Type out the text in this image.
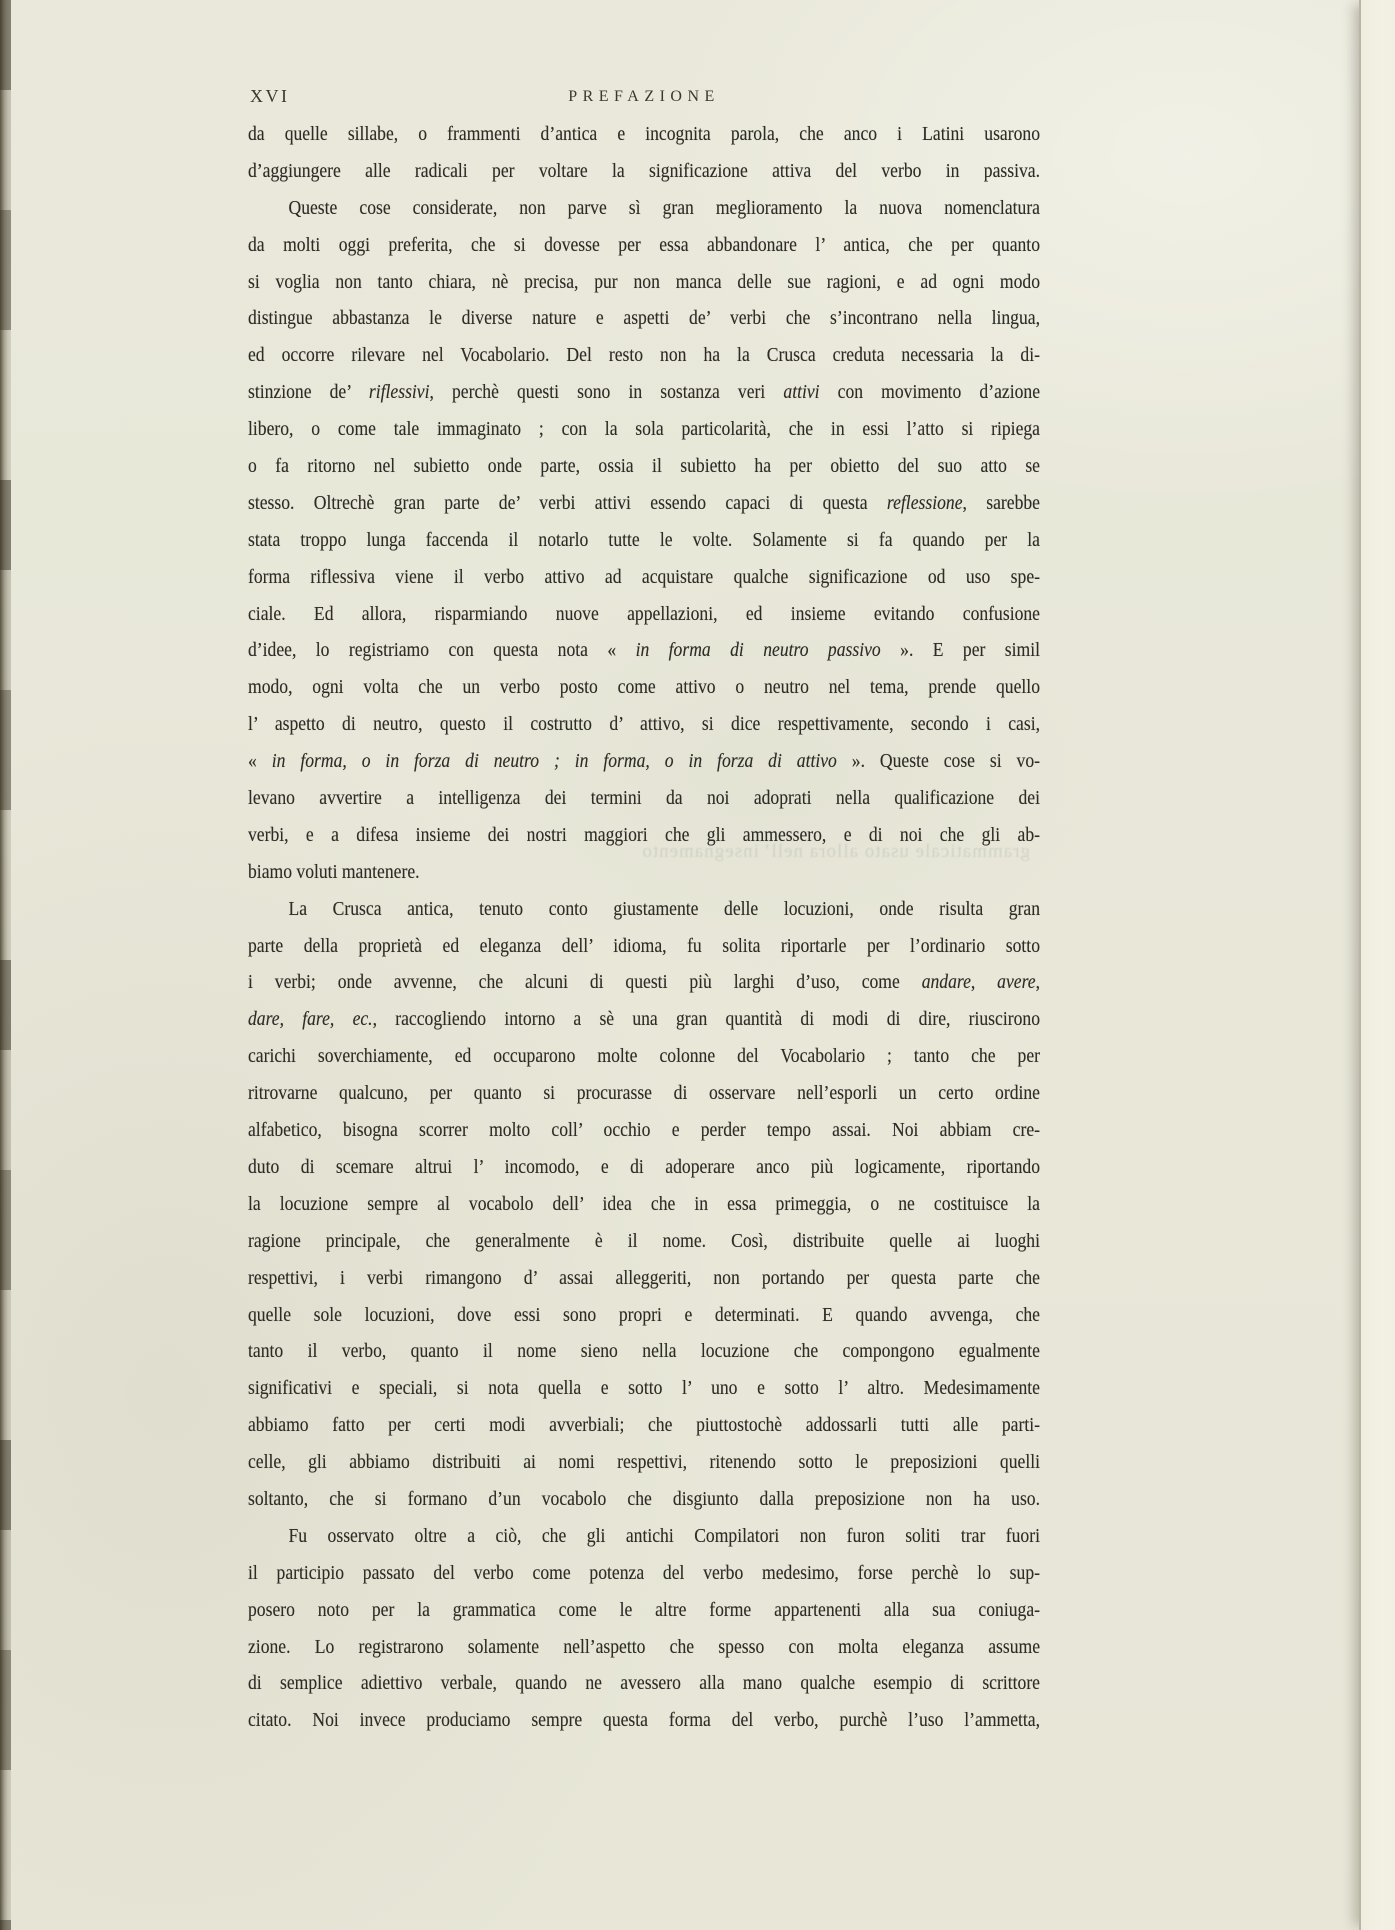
XVI	PREFAZIONE
grammaticale usato allora nell’ insegnamento
da quelle sillabe, o frammenti d’antica e incognita parola, che anco i Latini usarono
d’aggiungere alle radicali per voltare la significazione attiva del verbo in passiva.
Queste cose considerate, non parve sì gran meglioramento la nuova nomenclatura
da molti oggi preferita, che si dovesse per essa abbandonare l’ antica, che per quanto
si voglia non tanto chiara, nè precisa, pur non manca delle sue ragioni, e ad ogni modo
distingue abbastanza le diverse nature e aspetti de’ verbi che s’incontrano nella lingua,
ed occorre rilevare nel Vocabolario. Del resto non ha la Crusca creduta necessaria la di-
stinzione de’ riflessivi, perchè questi sono in sostanza veri attivi con movimento d’azione
libero, o come tale immaginato ; con la sola particolarità, che in essi l’atto si ripiega
o fa ritorno nel subietto onde parte, ossia il subietto ha per obietto del suo atto se
stesso. Oltrechè gran parte de’ verbi attivi essendo capaci di questa reflessione, sarebbe
stata troppo lunga faccenda il notarlo tutte le volte. Solamente si fa quando per la
forma riflessiva viene il verbo attivo ad acquistare qualche significazione od uso spe-
ciale. Ed allora, risparmiando nuove appellazioni, ed insieme evitando confusione
d’idee, lo registriamo con questa nota « in forma di neutro passivo ». E per simil
modo, ogni volta che un verbo posto come attivo o neutro nel tema, prende quello
l’ aspetto di neutro, questo il costrutto d’ attivo, si dice respettivamente, secondo i casi,
« in forma, o in forza di neutro ; in forma, o in forza di attivo ». Queste cose si vo-
levano avvertire a intelligenza dei termini da noi adoprati nella qualificazione dei
verbi, e a difesa insieme dei nostri maggiori che gli ammessero, e di noi che gli ab-
biamo voluti mantenere.
La Crusca antica, tenuto conto giustamente delle locuzioni, onde risulta gran
parte della proprietà ed eleganza dell’ idioma, fu solita riportarle per l’ordinario sotto
i verbi; onde avvenne, che alcuni di questi più larghi d’uso, come andare, avere,
dare, fare, ec., raccogliendo intorno a sè una gran quantità di modi di dire, riuscirono
carichi soverchiamente, ed occuparono molte colonne del Vocabolario ; tanto che per
ritrovarne qualcuno, per quanto si procurasse di osservare nell’esporli un certo ordine
alfabetico, bisogna scorrer molto coll’ occhio e perder tempo assai. Noi abbiam cre-
duto di scemare altrui l’ incomodo, e di adoperare anco più logicamente, riportando
la locuzione sempre al vocabolo dell’ idea che in essa primeggia, o ne costituisce la
ragione principale, che generalmente è il nome. Così, distribuite quelle ai luoghi
respettivi, i verbi rimangono d’ assai alleggeriti, non portando per questa parte che
quelle sole locuzioni, dove essi sono propri e determinati. E quando avvenga, che
tanto il verbo, quanto il nome sieno nella locuzione che compongono egualmente
significativi e speciali, si nota quella e sotto l’ uno e sotto l’ altro. Medesimamente
abbiamo fatto per certi modi avverbiali; che piuttostochè addossarli tutti alle parti-
celle, gli abbiamo distribuiti ai nomi respettivi, ritenendo sotto le preposizioni quelli
soltanto, che si formano d’un vocabolo che disgiunto dalla preposizione non ha uso.
Fu osservato oltre a ciò, che gli antichi Compilatori non furon soliti trar fuori
il participio passato del verbo come potenza del verbo medesimo, forse perchè lo sup-
posero noto per la grammatica come le altre forme appartenenti alla sua coniuga-
zione. Lo registrarono solamente nell’aspetto che spesso con molta eleganza assume
di semplice adiettivo verbale, quando ne avessero alla mano qualche esempio di scrittore
citato. Noi invece produciamo sempre questa forma del verbo, purchè l’uso l’ammetta,
